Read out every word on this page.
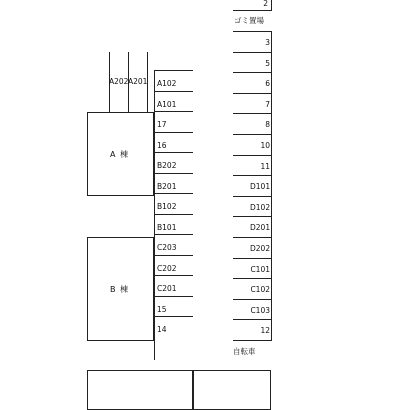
A 棟
B 棟
A202 A201 A102
A101
17
16
B202
B201
B102
B101
C203
C202
C201
15
14
2
ゴミ置場
3
5
6
7
8
10
11
D101
D102
D201
D202
C101
C102
C103
12
自転車
